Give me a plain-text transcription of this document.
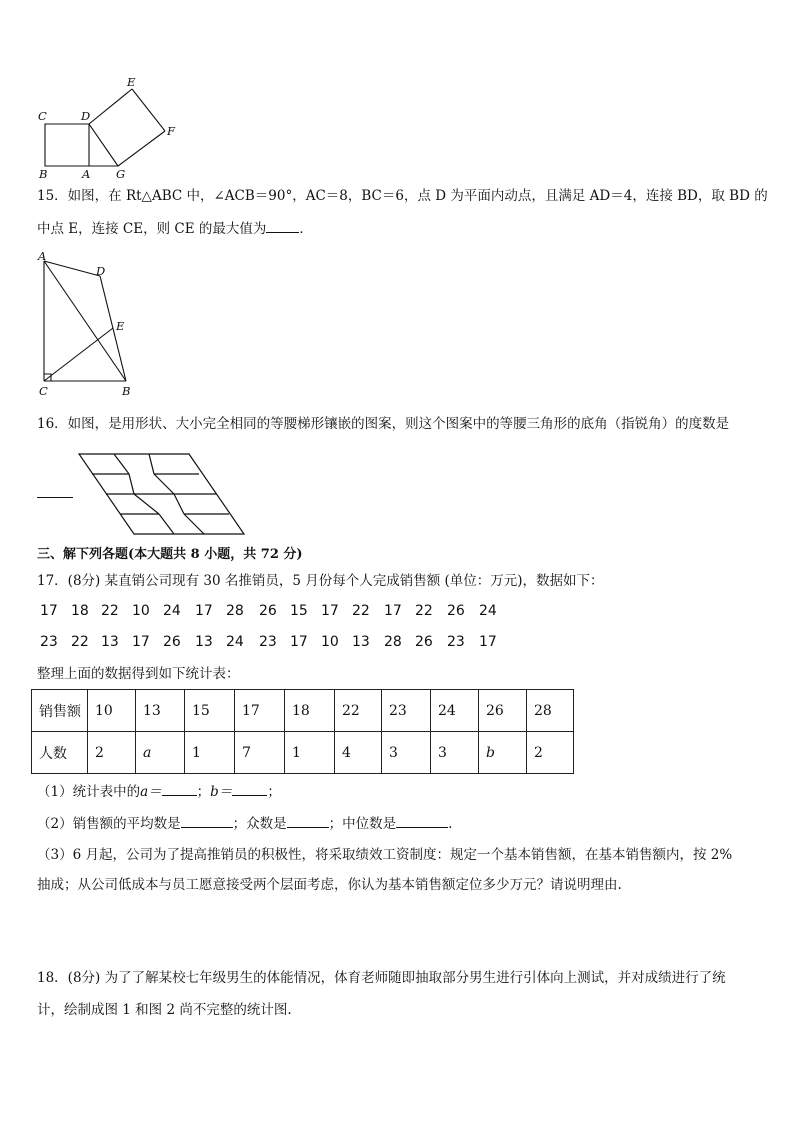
E
C	D
F
B	A G
15．如图，在 Rt△ABC 中，∠ACB＝90°，AC＝8，BC＝6，点 D 为平面内动点，且满足 AD＝4，连接 BD，取 BD 的
中点 E，连接 CE，则 CE 的最大值为 ．
A
D
E
C	B
16．如图，是用形状、大小完全相同的等腰梯形镶嵌的图案，则这个图案中的等腰三角形的底角（指锐角）的度数是
三、解下列各题(本大题共 8 小题，共 72 分)
17．(8分) 某直销公司现有 30 名推销员，5 月份每个人完成销售额 (单位：万元)，数据如下：
17 18 22 10 24 17 28 26 15 17 22 17 22 26 24
23 22 13 17 26 13 24 23 17 10 13 28 26 23 17
整理上面的数据得到如下统计表：
销售额	10	13	15	17	18	22	23	24	26	28
人数	2	a	1	7	1	4	3	3	b	2
（1）统计表中的a＝	；b＝	；
（2）销售额的平均数是	；众数是	；中位数是	.
（3）6 月起，公司为了提高推销员的积极性，将采取绩效工资制度：规定一个基本销售额，在基本销售额内，按 2%
抽成；从公司低成本与员工愿意接受两个层面考虑，你认为基本销售额定位多少万元？请说明理由.
18．(8分) 为了了解某校七年级男生的体能情况，体育老师随即抽取部分男生进行引体向上测试，并对成绩进行了统
计，绘制成图 1 和图 2 尚不完整的统计图.
